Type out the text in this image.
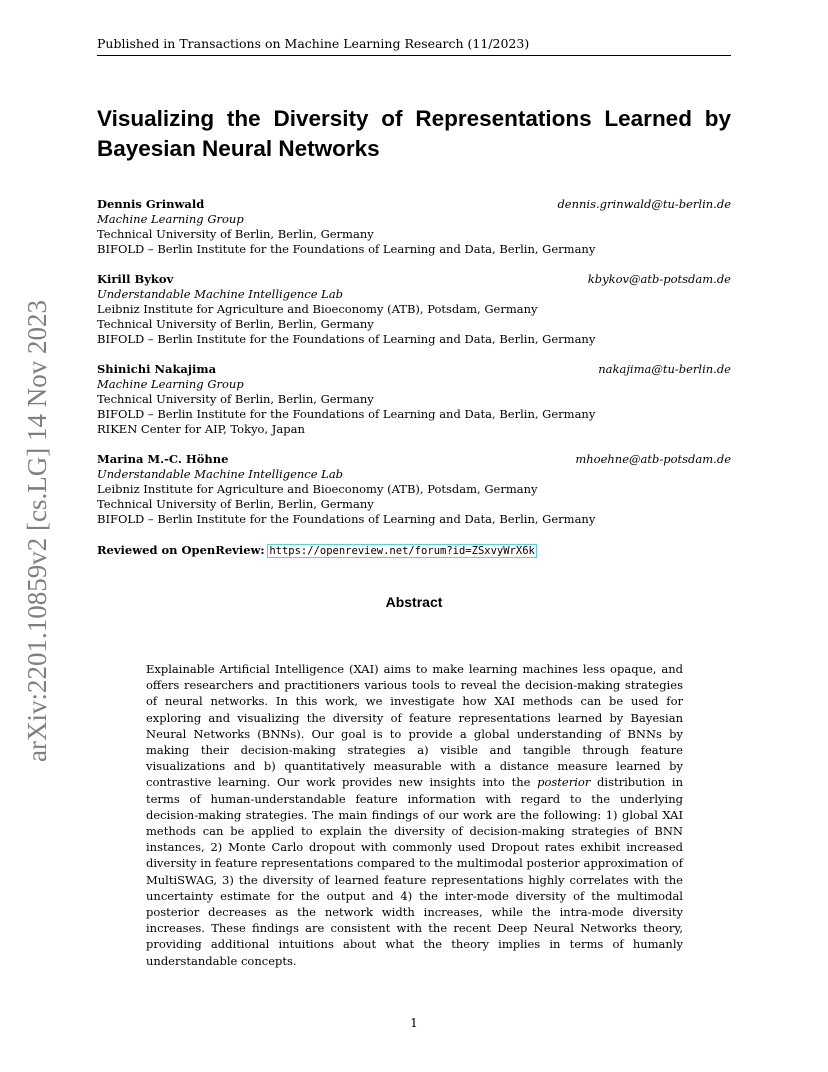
Published in Transactions on Machine Learning Research (11/2023)
arXiv:2201.10859v2 [cs.LG] 14 Nov 2023
Visualizing the Diversity of Representations Learned by Bayesian Neural Networks
Dennis Grinwald	dennis.grinwald@tu-berlin.de
Machine Learning Group
Technical University of Berlin, Berlin, Germany
BIFOLD – Berlin Institute for the Foundations of Learning and Data, Berlin, Germany
Kirill Bykov	kbykov@atb-potsdam.de
Understandable Machine Intelligence Lab
Leibniz Institute for Agriculture and Bioeconomy (ATB), Potsdam, Germany
Technical University of Berlin, Berlin, Germany
BIFOLD – Berlin Institute for the Foundations of Learning and Data, Berlin, Germany
Shinichi Nakajima	nakajima@tu-berlin.de
Machine Learning Group
Technical University of Berlin, Berlin, Germany
BIFOLD – Berlin Institute for the Foundations of Learning and Data, Berlin, Germany
RIKEN Center for AIP, Tokyo, Japan
Marina M.-C. Höhne	mhoehne@atb-potsdam.de
Understandable Machine Intelligence Lab
Leibniz Institute for Agriculture and Bioeconomy (ATB), Potsdam, Germany
Technical University of Berlin, Berlin, Germany
BIFOLD – Berlin Institute for the Foundations of Learning and Data, Berlin, Germany
Reviewed on OpenReview: https://openreview.net/forum?id=ZSxvyWrX6k
Abstract
Explainable Artificial Intelligence (XAI) aims to make learning machines less opaque, and offers researchers and practitioners various tools to reveal the decision-making strategies of neural networks. In this work, we investigate how XAI methods can be used for exploring and visualizing the diversity of feature representations learned by Bayesian Neural Networks (BNNs). Our goal is to provide a global understanding of BNNs by making their decision-making strategies a) visible and tangible through feature visualizations and b) quantitatively measurable with a distance measure learned by contrastive learning. Our work provides new insights into the posterior distribution in terms of human-understandable feature information with regard to the underlying decision-making strategies. The main findings of our work are the following: 1) global XAI methods can be applied to explain the diversity of decision-making strategies of BNN instances, 2) Monte Carlo dropout with commonly used Dropout rates exhibit increased diversity in feature representations compared to the multimodal posterior approximation of MultiSWAG, 3) the diversity of learned feature representations highly correlates with the uncertainty estimate for the output and 4) the inter-mode diversity of the multimodal posterior decreases as the network width increases, while the intra-mode diversity increases. These findings are consistent with the recent Deep Neural Networks theory, providing additional intuitions about what the theory implies in terms of humanly understandable concepts.
1
